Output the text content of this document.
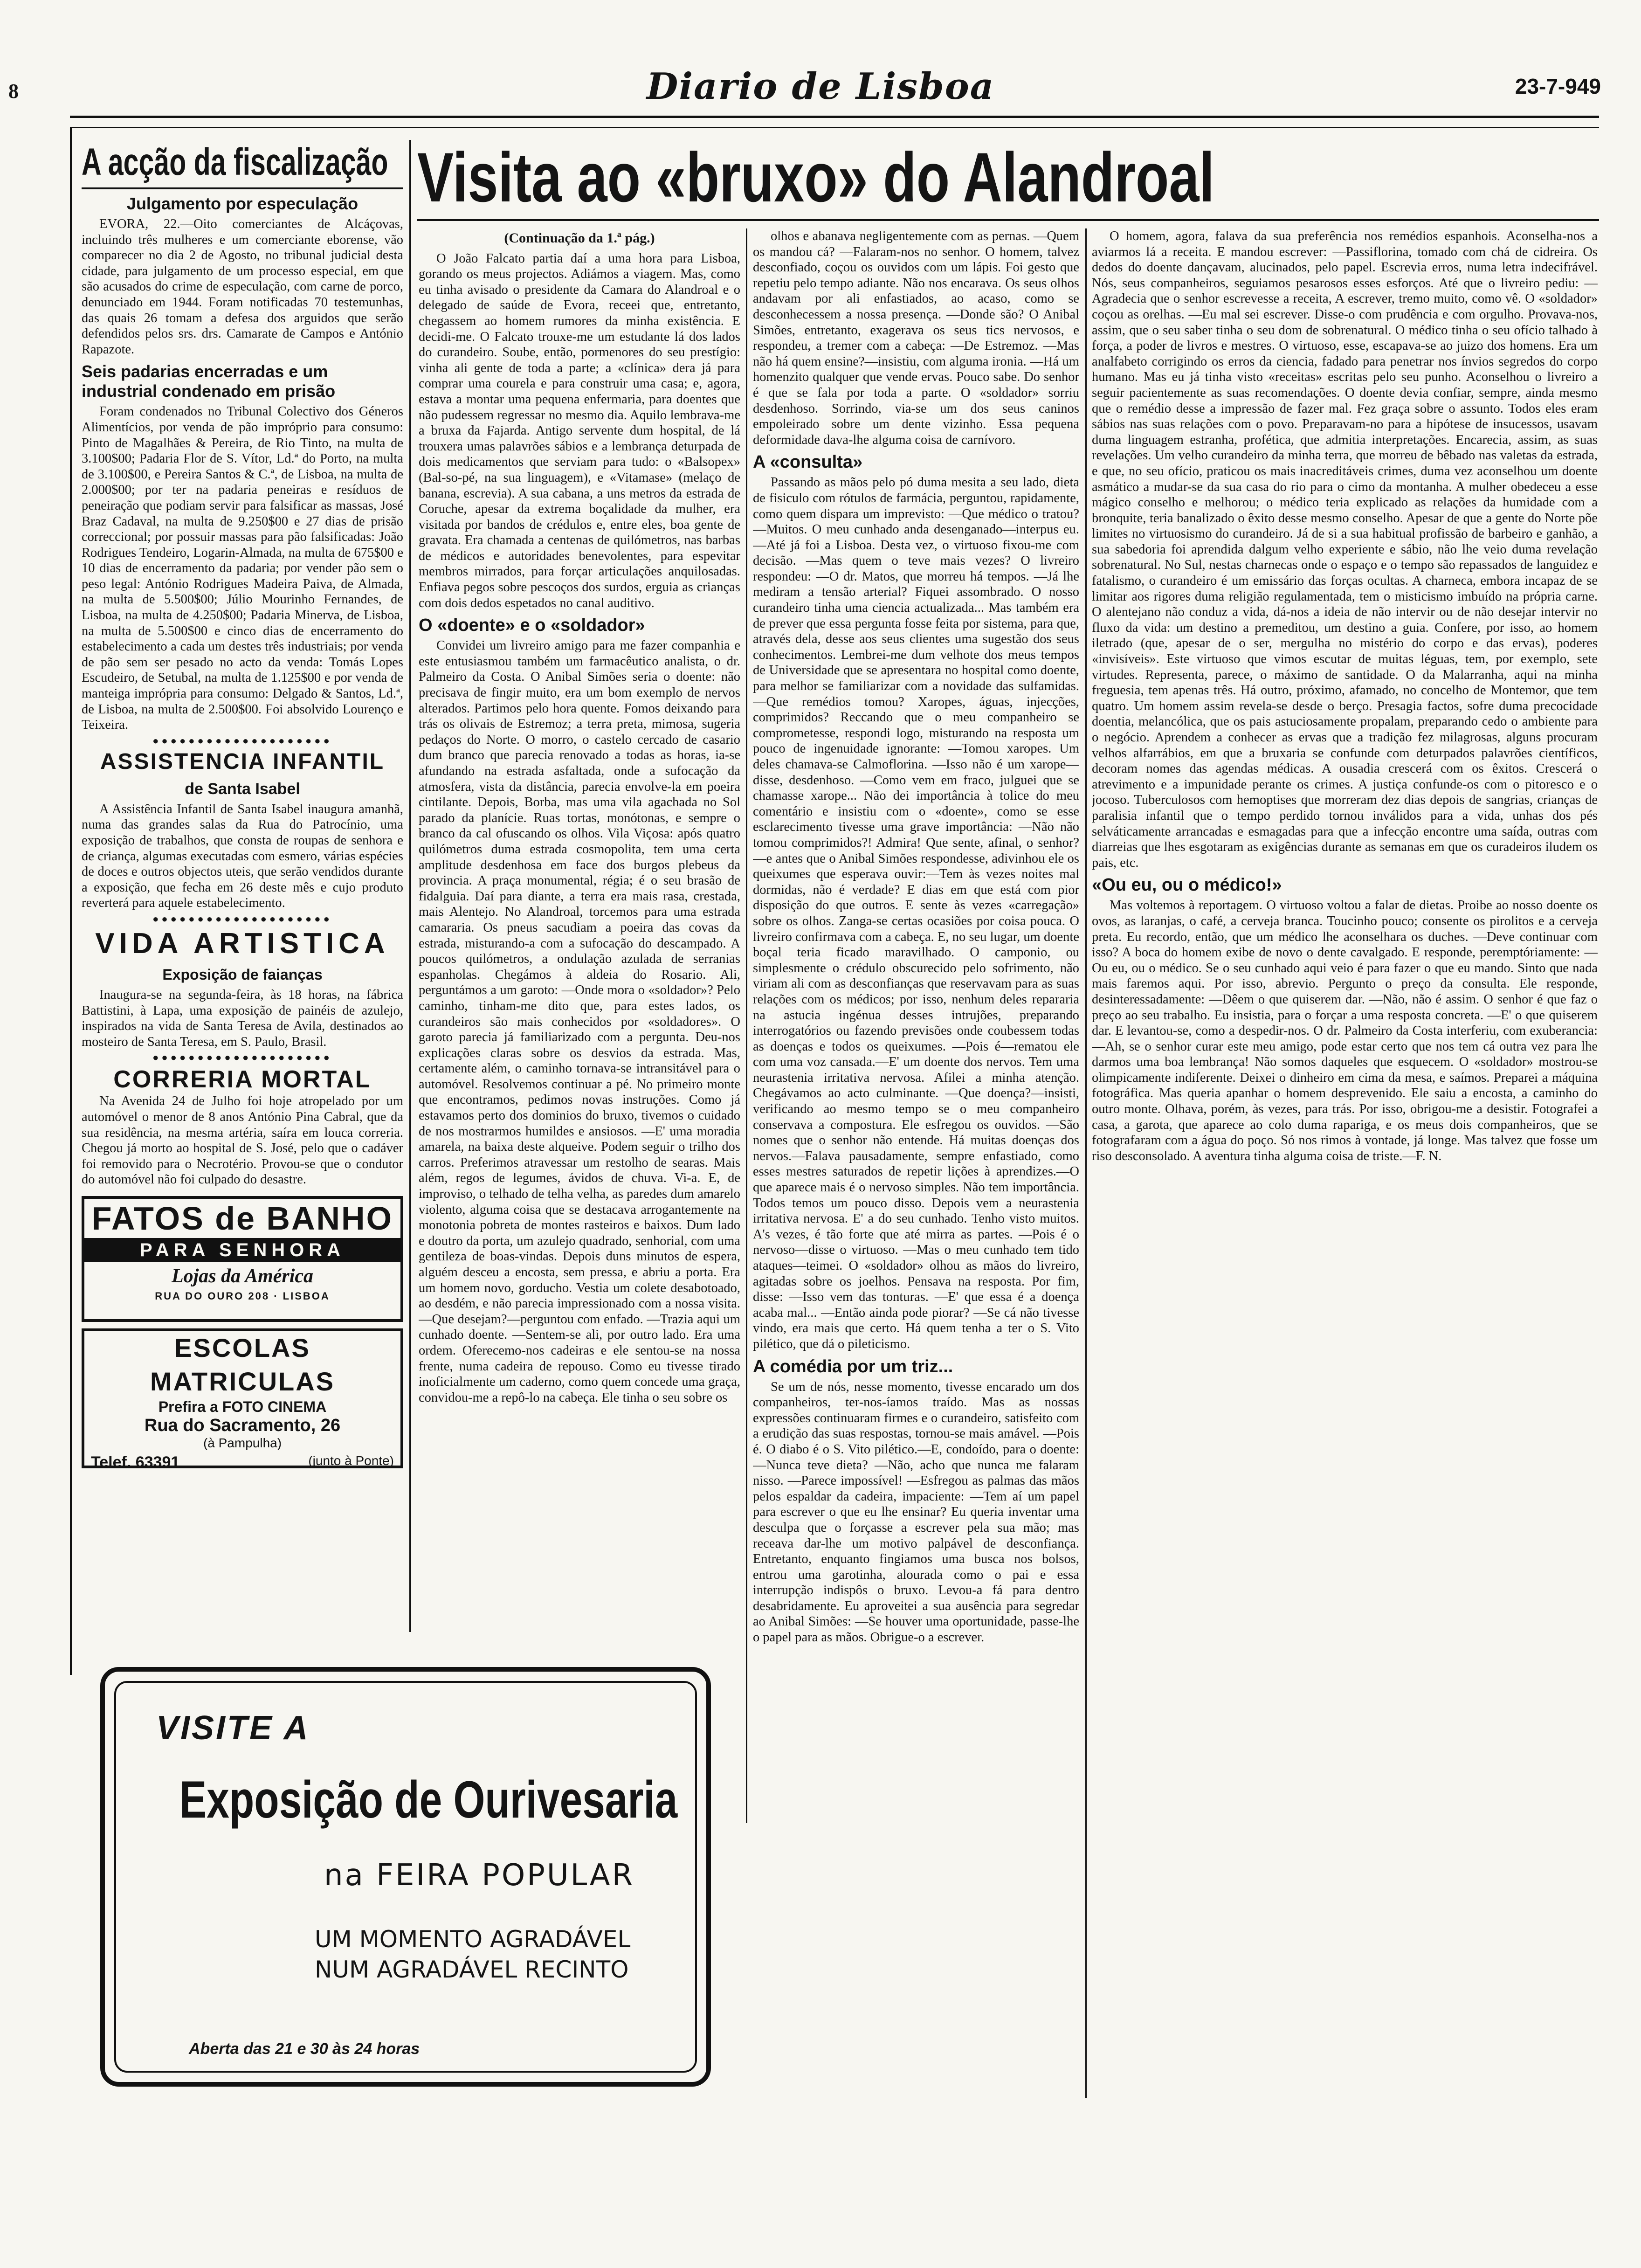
8	Diario de Lisboa	23-7-949
A acção da fiscalização
Julgamento por especulação

EVORA, 22.—Oito comerciantes de Alcáçovas, incluindo três mulheres e um comerciante eborense, vão comparecer no dia 2 de Agosto, no tribunal judicial desta cidade, para julgamento de um processo especial, em que são acusados do crime de especulação, com carne de porco, denunciado em 1944. Foram notificadas 70 testemunhas, das quais 26 tomam a defesa dos arguidos que serão defendidos pelos srs. drs. Camarate de Campos e António Rapazote.

Seis padarias encerradas e um industrial condenado em prisão

Foram condenados no Tribunal Colectivo dos Géneros Alimentícios, por venda de pão impróprio para consumo: Pinto de Magalhães & Pereira, de Rio Tinto, na multa de 3.100$00; Padaria Flor de S. Vítor, Ld.ª do Porto, na multa de 3.100$00, e Pereira Santos & C.ª, de Lisboa, na multa de 2.000$00; por ter na padaria peneiras e resíduos de peneiração que podiam servir para falsificar as massas, José Braz Cadaval, na multa de 9.250$00 e 27 dias de prisão correccional; por possuir massas para pão falsificadas: João Rodrigues Tendeiro, Logarin-Almada, na multa de 675$00 e 10 dias de encerramento da padaria; por vender pão sem o peso legal: António Rodrigues Madeira Paiva, de Almada, na multa de 5.500$00; Júlio Mourinho Fernandes, de Lisboa, na multa de 4.250$00; Padaria Minerva, de Lisboa, na multa de 5.500$00 e cinco dias de encerramento do estabelecimento a cada um destes três industriais; por venda de pão sem ser pesado no acto da venda: Tomás Lopes Escudeiro, de Setubal, na multa de 1.125$00 e por venda de manteiga imprópria para consumo: Delgado & Santos, Ld.ª, de Lisboa, na multa de 2.500$00. Foi absolvido Lourenço e Teixeira.

●●●●●●●●●●●●●●●●●●●●
ASSISTENCIA INFANTIL
de Santa Isabel

A Assistência Infantil de Santa Isabel inaugura amanhã, numa das grandes salas da Rua do Patrocínio, uma exposição de trabalhos, que consta de roupas de senhora e de criança, algumas executadas com esmero, várias espécies de doces e outros objectos uteis, que serão vendidos durante a exposição, que fecha em 26 deste mês e cujo produto reverterá para aquele estabelecimento.

●●●●●●●●●●●●●●●●●●●●
VIDA ARTISTICA
Exposição de faianças

Inaugura-se na segunda-feira, às 18 horas, na fábrica Battistini, à Lapa, uma exposição de painéis de azulejo, inspirados na vida de Santa Teresa de Avila, destinados ao mosteiro de Santa Teresa, em S. Paulo, Brasil.

●●●●●●●●●●●●●●●●●●●●
CORRERIA MORTAL

Na Avenida 24 de Julho foi hoje atropelado por um automóvel o menor de 8 anos António Pina Cabral, que da sua residência, na mesma artéria, saíra em louca correria. Chegou já morto ao hospital de S. José, pelo que o cadáver foi removido para o Necrotério. Provou-se que o condutor do automóvel não foi culpado do desastre.

FATOS de BANHO
PARA SENHORA
Lojas da América
RUA DO OURO 208 · LISBOA
ESCOLAS MATRICULAS
Prefira a FOTO CINEMA
Rua do Sacramento, 26
(à Pampulha)
Telef. 63391	(junto à Ponte)
Visita ao «bruxo» do Alandroal
(Continuação da 1.ª pág.)

O João Falcato partia daí a uma hora para Lisboa, gorando os meus projectos. Adiámos a viagem. Mas, como eu tinha avisado o presidente da Camara do Alandroal e o delegado de saúde de Evora, receei que, entretanto, chegassem ao homem rumores da minha existência. E decidi-me. O Falcato trouxe-me um estudante lá dos lados do curandeiro. Soube, então, pormenores do seu prestígio: vinha ali gente de toda a parte; a «clínica» dera já para comprar uma courela e para construir uma casa; e, agora, estava a montar uma pequena enfermaria, para doentes que não pudessem regressar no mesmo dia. Aquilo lembrava-me a bruxa da Fajarda. Antigo servente dum hospital, de lá trouxera umas palavrões sábios e a lembrança deturpada de dois medicamentos que serviam para tudo: o «Balsopex» (Bal-so-pé, na sua linguagem), e «Vitamase» (melaço de banana, escrevia). A sua cabana, a uns metros da estrada de Coruche, apesar da extrema boçalidade da mulher, era visitada por bandos de crédulos e, entre eles, boa gente de gravata. Era chamada a centenas de quilómetros, nas barbas de médicos e autoridades benevolentes, para espevitar membros mirrados, para forçar articulações anquilosadas. Enfiava pegos sobre pescoços dos surdos, erguia as crianças com dois dedos espetados no canal auditivo.

O «doente» e o «soldador»

Convidei um livreiro amigo para me fazer companhia e este entusiasmou também um farmacêutico analista, o dr. Palmeiro da Costa. O Anibal Simões seria o doente: não precisava de fingir muito, era um bom exemplo de nervos alterados. Partimos pelo hora quente. Fomos deixando para trás os olivais de Estremoz; a terra preta, mimosa, sugeria pedaços do Norte. O morro, o castelo cercado de casario dum branco que parecia renovado a todas as horas, ia-se afundando na estrada asfaltada, onde a sufocação da atmosfera, vista da distância, parecia envolve-la em poeira cintilante. Depois, Borba, mas uma vila agachada no Sol parado da planície. Ruas tortas, monótonas, e sempre o branco da cal ofuscando os olhos. Vila Viçosa: após quatro quilómetros duma estrada cosmopolita, tem uma certa amplitude desdenhosa em face dos burgos plebeus da provincia. A praça monumental, régia; é o seu brasão de fidalguia. Daí para diante, a terra era mais rasa, crestada, mais Alentejo. No Alandroal, torcemos para uma estrada camararia. Os pneus sacudiam a poeira das covas da estrada, misturando-a com a sufocação do descampado. A poucos quilómetros, a ondulação azulada de serranias espanholas. Chegámos à aldeia do Rosario. Ali, perguntámos a um garoto: —Onde mora o «soldador»? Pelo caminho, tinham-me dito que, para estes lados, os curandeiros são mais conhecidos por «soldadores». O garoto parecia já familiarizado com a pergunta. Deu-nos explicações claras sobre os desvios da estrada. Mas, certamente além, o caminho tornava-se intransitável para o automóvel. Resolvemos continuar a pé. No primeiro monte que encontramos, pedimos novas instruções. Como já estavamos perto dos dominios do bruxo, tivemos o cuidado de nos mostrarmos humildes e ansiosos. —E' uma moradia amarela, na baixa deste alqueive. Podem seguir o trilho dos carros. Preferimos atravessar um restolho de searas. Mais além, regos de legumes, ávidos de chuva. Vi-a. E, de improviso, o telhado de telha velha, as paredes dum amarelo violento, alguma coisa que se destacava arrogantemente na monotonia pobreta de montes rasteiros e baixos. Dum lado e doutro da porta, um azulejo quadrado, senhorial, com uma gentileza de boas-vindas. Depois duns minutos de espera, alguém desceu a encosta, sem pressa, e abriu a porta. Era um homem novo, gorducho. Vestia um colete desabotoado, ao desdém, e não parecia impressionado com a nossa visita. —Que desejam?—perguntou com enfado. —Trazia aqui um cunhado doente. —Sentem-se ali, por outro lado. Era uma ordem. Oferecemo-nos cadeiras e ele sentou-se na nossa frente, numa cadeira de repouso. Como eu tivesse tirado inoficialmente um caderno, como quem concede uma graça, convidou-me a repô-lo na cabeça. Ele tinha o seu sobre os

olhos e abanava negligentemente com as pernas. —Quem os mandou cá? —Falaram-nos no senhor. O homem, talvez desconfiado, coçou os ouvidos com um lápis. Foi gesto que repetiu pelo tempo adiante. Não nos encarava. Os seus olhos andavam por ali enfastiados, ao acaso, como se desconhecessem a nossa presença. —Donde são? O Anibal Simões, entretanto, exagerava os seus tics nervosos, e respondeu, a tremer com a cabeça: —De Estremoz. —Mas não há quem ensine?—insistiu, com alguma ironia. —Há um homenzito qualquer que vende ervas. Pouco sabe. Do senhor é que se fala por toda a parte. O «soldador» sorriu desdenhoso. Sorrindo, via-se um dos seus caninos empoleirado sobre um dente vizinho. Essa pequena deformidade dava-lhe alguma coisa de carnívoro.

A «consulta»

Passando as mãos pelo pó duma mesita a seu lado, dieta de fisiculo com rótulos de farmácia, perguntou, rapidamente, como quem dispara um imprevisto: —Que médico o tratou? —Muitos. O meu cunhado anda desenganado—interpus eu.—Até já foi a Lisboa. Desta vez, o virtuoso fixou-me com decisão. —Mas quem o teve mais vezes? O livreiro respondeu: —O dr. Matos, que morreu há tempos. —Já lhe mediram a tensão arterial? Fiquei assombrado. O nosso curandeiro tinha uma ciencia actualizada... Mas também era de prever que essa pergunta fosse feita por sistema, para que, através dela, desse aos seus clientes uma sugestão dos seus conhecimentos. Lembrei-me dum velhote dos meus tempos de Universidade que se apresentara no hospital como doente, para melhor se familiarizar com a novidade das sulfamidas. —Que remédios tomou? Xaropes, águas, injecções, comprimidos? Reccando que o meu companheiro se comprometesse, respondi logo, misturando na resposta um pouco de ingenuidade ignorante: —Tomou xaropes. Um deles chamava-se Calmoflorina. —Isso não é um xarope—disse, desdenhoso. —Como vem em fraco, julguei que se chamasse xarope... Não dei importância à tolice do meu comentário e insistiu com o «doente», como se esse esclarecimento tivesse uma grave importância: —Não não tomou comprimidos?! Admira! Que sente, afinal, o senhor?—e antes que o Anibal Simões respondesse, adivinhou ele os queixumes que esperava ouvir:—Tem às vezes noites mal dormidas, não é verdade? E dias em que está com pior disposição do que outros. E sente às vezes «carregação» sobre os olhos. Zanga-se certas ocasiões por coisa pouca. O livreiro confirmava com a cabeça. E, no seu lugar, um doente boçal teria ficado maravilhado. O camponio, ou simplesmente o crédulo obscurecido pelo sofrimento, não viriam ali com as desconfianças que reservavam para as suas relações com os médicos; por isso, nenhum deles repararia na astucia ingénua desses intrujões, preparando interrogatórios ou fazendo previsões onde coubessem todas as doenças e todos os queixumes. —Pois é—rematou ele com uma voz cansada.—E' um doente dos nervos. Tem uma neurastenia irritativa nervosa. Afilei a minha atenção. Chegávamos ao acto culminante. —Que doença?—insisti, verificando ao mesmo tempo se o meu companheiro conservava a compostura. Ele esfregou os ouvidos. —São nomes que o senhor não entende. Há muitas doenças dos nervos.—Falava pausadamente, sempre enfastiado, como esses mestres saturados de repetir lições à aprendizes.—O que aparece mais é o nervoso simples. Não tem importância. Todos temos um pouco disso. Depois vem a neurastenia irritativa nervosa. E' a do seu cunhado. Tenho visto muitos. A's vezes, é tão forte que até mirra as partes. —Pois é o nervoso—disse o virtuoso. —Mas o meu cunhado tem tido ataques—teimei. O «soldador» olhou as mãos do livreiro, agitadas sobre os joelhos. Pensava na resposta. Por fim, disse: —Isso vem das tonturas. —E' que essa é a doença acaba mal... —Então ainda pode piorar? —Se cá não tivesse vindo, era mais que certo. Há quem tenha a ter o S. Vito pilético, que dá o pileticismo.

A comédia por um triz...

Se um de nós, nesse momento, tivesse encarado um dos companheiros, ter-nos-íamos traído. Mas as nossas expressões continuaram firmes e o curandeiro, satisfeito com a erudição das suas respostas, tornou-se mais amável. —Pois é. O diabo é o S. Vito pilético.—E, condoído, para o doente:—Nunca teve dieta? —Não, acho que nunca me falaram nisso. —Parece impossível! —Esfregou as palmas das mãos pelos espaldar da cadeira, impaciente: —Tem aí um papel para escrever o que eu lhe ensinar? Eu queria inventar uma desculpa que o forçasse a escrever pela sua mão; mas receava dar-lhe um motivo palpável de desconfiança. Entretanto, enquanto fingiamos uma busca nos bolsos, entrou uma garotinha, alourada como o pai e essa interrupção indispôs o bruxo. Levou-a fá para dentro desabridamente. Eu aproveitei a sua ausência para segredar ao Anibal Simões: —Se houver uma oportunidade, passe-lhe o papel para as mãos. Obrigue-o a escrever.

O homem, agora, falava da sua preferência nos remédios espanhois. Aconselha-nos a aviarmos lá a receita. E mandou escrever: —Passiflorina, tomado com chá de cidreira. Os dedos do doente dançavam, alucinados, pelo papel. Escrevia erros, numa letra indecifrável. Nós, seus companheiros, seguiamos pesarosos esses esforços. Até que o livreiro pediu: —Agradecia que o senhor escrevesse a receita, A escrever, tremo muito, como vê. O «soldador» coçou as orelhas. —Eu mal sei escrever. Disse-o com prudência e com orgulho. Provava-nos, assim, que o seu saber tinha o seu dom de sobrenatural. O médico tinha o seu ofício talhado à força, a poder de livros e mestres. O virtuoso, esse, escapava-se ao juizo dos homens. Era um analfabeto corrigindo os erros da ciencia, fadado para penetrar nos ínvios segredos do corpo humano. Mas eu já tinha visto «receitas» escritas pelo seu punho. Aconselhou o livreiro a seguir pacientemente as suas recomendações. O doente devia confiar, sempre, ainda mesmo que o remédio desse a impressão de fazer mal. Fez graça sobre o assunto. Todos eles eram sábios nas suas relações com o povo. Preparavam-no para a hipótese de insucessos, usavam duma linguagem estranha, profética, que admitia interpretações. Encarecia, assim, as suas revelações. Um velho curandeiro da minha terra, que morreu de bêbado nas valetas da estrada, e que, no seu ofício, praticou os mais inacreditáveis crimes, duma vez aconselhou um doente asmático a mudar-se da sua casa do rio para o cimo da montanha. A mulher obedeceu a esse mágico conselho e melhorou; o médico teria explicado as relações da humidade com a bronquite, teria banalizado o êxito desse mesmo conselho. Apesar de que a gente do Norte põe limites no virtuosismo do curandeiro. Já de si a sua habitual profissão de barbeiro e ganhão, a sua sabedoria foi aprendida dalgum velho experiente e sábio, não lhe veio duma revelação sobrenatural. No Sul, nestas charnecas onde o espaço e o tempo são repassados de languidez e fatalismo, o curandeiro é um emissário das forças ocultas. A charneca, embora incapaz de se limitar aos rigores duma religião regulamentada, tem o misticismo imbuído na própria carne. O alentejano não conduz a vida, dá-nos a ideia de não intervir ou de não desejar intervir no fluxo da vida: um destino a premeditou, um destino a guia. Confere, por isso, ao homem iletrado (que, apesar de o ser, mergulha no mistério do corpo e das ervas), poderes «invisíveis». Este virtuoso que vimos escutar de muitas léguas, tem, por exemplo, sete virtudes. Representa, parece, o máximo de santidade. O da Malarranha, aqui na minha freguesia, tem apenas três. Há outro, próximo, afamado, no concelho de Montemor, que tem quatro. Um homem assim revela-se desde o berço. Presagia factos, sofre duma precocidade doentia, melancólica, que os pais astuciosamente propalam, preparando cedo o ambiente para o negócio. Aprendem a conhecer as ervas que a tradição fez milagrosas, alguns procuram velhos alfarrábios, em que a bruxaria se confunde com deturpados palavrões científicos, decoram nomes das agendas médicas. A ousadia crescerá com os êxitos. Crescerá o atrevimento e a impunidade perante os crimes. A justiça confunde-os com o pitoresco e o jocoso. Tuberculosos com hemoptises que morreram dez dias depois de sangrias, crianças de paralisia infantil que o tempo perdido tornou inválidos para a vida, unhas dos pés selváticamente arrancadas e esmagadas para que a infecção encontre uma saída, outras com diarreias que lhes esgotaram as exigências durante as semanas em que os curadeiros iludem os pais, etc.

«Ou eu, ou o médico!»

Mas voltemos à reportagem. O virtuoso voltou a falar de dietas. Proibe ao nosso doente os ovos, as laranjas, o café, a cerveja branca. Toucinho pouco; consente os pirolitos e a cerveja preta. Eu recordo, então, que um médico lhe aconselhara os duches. —Deve continuar com isso? A boca do homem exibe de novo o dente cavalgado. E responde, peremptóriamente: —Ou eu, ou o médico. Se o seu cunhado aqui veio é para fazer o que eu mando. Sinto que nada mais faremos aqui. Por isso, abrevio. Pergunto o preço da consulta. Ele responde, desinteressadamente: —Dêem o que quiserem dar. —Não, não é assim. O senhor é que faz o preço ao seu trabalho. Eu insistia, para o forçar a uma resposta concreta. —E' o que quiserem dar. E levantou-se, como a despedir-nos. O dr. Palmeiro da Costa interferiu, com exuberancia: —Ah, se o senhor curar este meu amigo, pode estar certo que nos tem cá outra vez para lhe darmos uma boa lembrança! Não somos daqueles que esquecem. O «soldador» mostrou-se olimpicamente indiferente. Deixei o dinheiro em cima da mesa, e saímos. Preparei a máquina fotográfica. Mas queria apanhar o homem desprevenido. Ele saiu a encosta, a caminho do outro monte. Olhava, porém, às vezes, para trás. Por isso, obrigou-me a desistir. Fotografei a casa, a garota, que aparece ao colo duma rapariga, e os meus dois companheiros, que se fotografaram com a água do poço. Só nos rimos à vontade, já longe. Mas talvez que fosse um riso desconsolado. A aventura tinha alguma coisa de triste.—F. N.

VISITE A
Exposição de Ourivesaria
na FEIRA POPULAR
UM MOMENTO AGRADÁVEL
NUM AGRADÁVEL RECINTO
Aberta das 21 e 30 às 24 horas
